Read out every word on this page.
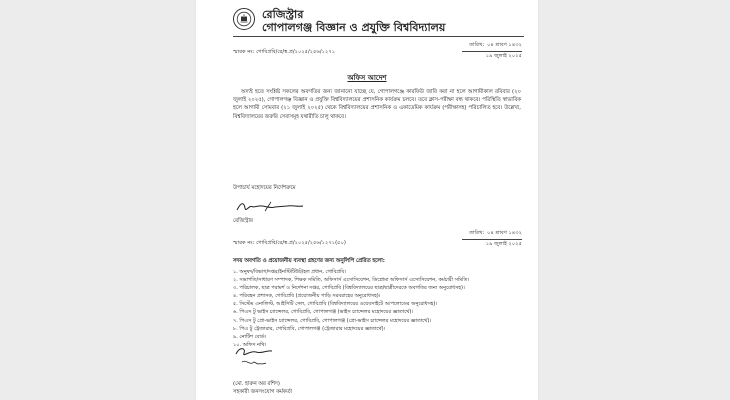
রেজিস্ট্রার
গোপালগঞ্জ বিজ্ঞান ও প্রযুক্তি বিশ্ববিদ্যালয়
স্মারক নং: গোবিপ্রবি/রে/স্ব.প্র/২০২৫/২৫৬/১২৭১
তারিখ: ০৪ শ্রাবণ ১৪৩২
১৯ জুলাই ২০২৫
অফিস আদেশ

অদ্যই হতে সংশ্লিষ্ট সকলের অবগতির জন্য জানানো যাচ্ছে যে, গোপালগঞ্জে কারফিউ জারি করা না হলে আগামীকাল রবিবার (২০ জুলাই ২০২৫), গোপালগঞ্জ বিজ্ঞান ও প্রযুক্তি বিশ্ববিদ্যালয়ের প্রশাসনিক কার্যক্রম চলবে। তবে ক্লাস-পরীক্ষা বন্ধ থাকবে। পরিস্থিতি স্বাভাবিক হলে আগামী সোমবার (২১ জুলাই ২০২৫) থেকে বিশ্ববিদ্যালয়ের প্রশাসনিক ও একাডেমিক কার্যক্রম (পরীক্ষাসহ) পরিচালিত হবে। উল্লেখ্য, বিশ্ববিদ্যালয়ের জরুরি সেবাসমূহ যথারীতি চালু থাকবে।

উপাচার্য মহোদয়ের নির্দেশক্রমে
রেজিস্ট্রার
স্মারক নং: গোবিপ্রবি/রে/স্ব.প্র/২০২৫/২৫৬/১২৭১(৫০)
তারিখ: ০৪ শ্রাবণ ১৪৩২
১৯ জুলাই ২০২৫
সদয় অবগতি ও প্রয়োজনীয় ব্যবস্থা গ্রহণের জন্য অনুলিপি প্রেরিত হলো:
১. অনুষদ/বিভাগ/দপ্তর/ইনস্টিটিউট/হল প্রধান, গোবিপ্রবি।
২. সভাপতি/সাধারণ সম্পাদক, শিক্ষক সমিতি, অফিসার্স এসোসিয়েশন, ডিপ্লোমা অফিসার্স এসোসিয়েশন, কর্মচারী সমিতি।
৩. পরিচালক, ছাত্র পরামর্শ ও নির্দেশনা দপ্তর, গোবিপ্রবি (বিশ্ববিদ্যালয়ের ছাত্র/ছাত্রীদেরকে অবগতির জন্য অনুরোধসহ)।
৪. পরিবহন প্রশাসক, গোবিপ্রবি (প্রয়োজনীয় গাড়ি সরবরাহের অনুরোধসহ)।
৫. সিস্টেম এনালিস্ট, আইসিটি সেল, গোবিপ্রবি (বিশ্ববিদ্যালয়ের ওয়েবসাইটে আপলোডের অনুরোধসহ)।
৬. পিএস টু ভাইস চ্যান্সেলর, গোবিপ্রবি, গোপালগঞ্জ (ভাইস চ্যান্সেলর মহোদয়ের জ্ঞাতার্থে)।
৭. পিএস টু প্রো-ভাইস চ্যান্সেলর, গোবিপ্রবি, গোপালগঞ্জ (প্রো-ভাইস চ্যান্সেলর মহোদয়ের জ্ঞাতার্থে)।
৮. পিএ টু ট্রেজারার, গোবিপ্রবি, গোপালগঞ্জ (ট্রেজারার মহোদয়ের জ্ঞাতার্থে)।
৯. নোটিশ বোর্ড।
১০. অফিস নথি।
(মো. হারুন অর রশিদ)
সহকারী জনসংযোগ কর্মকর্তা
